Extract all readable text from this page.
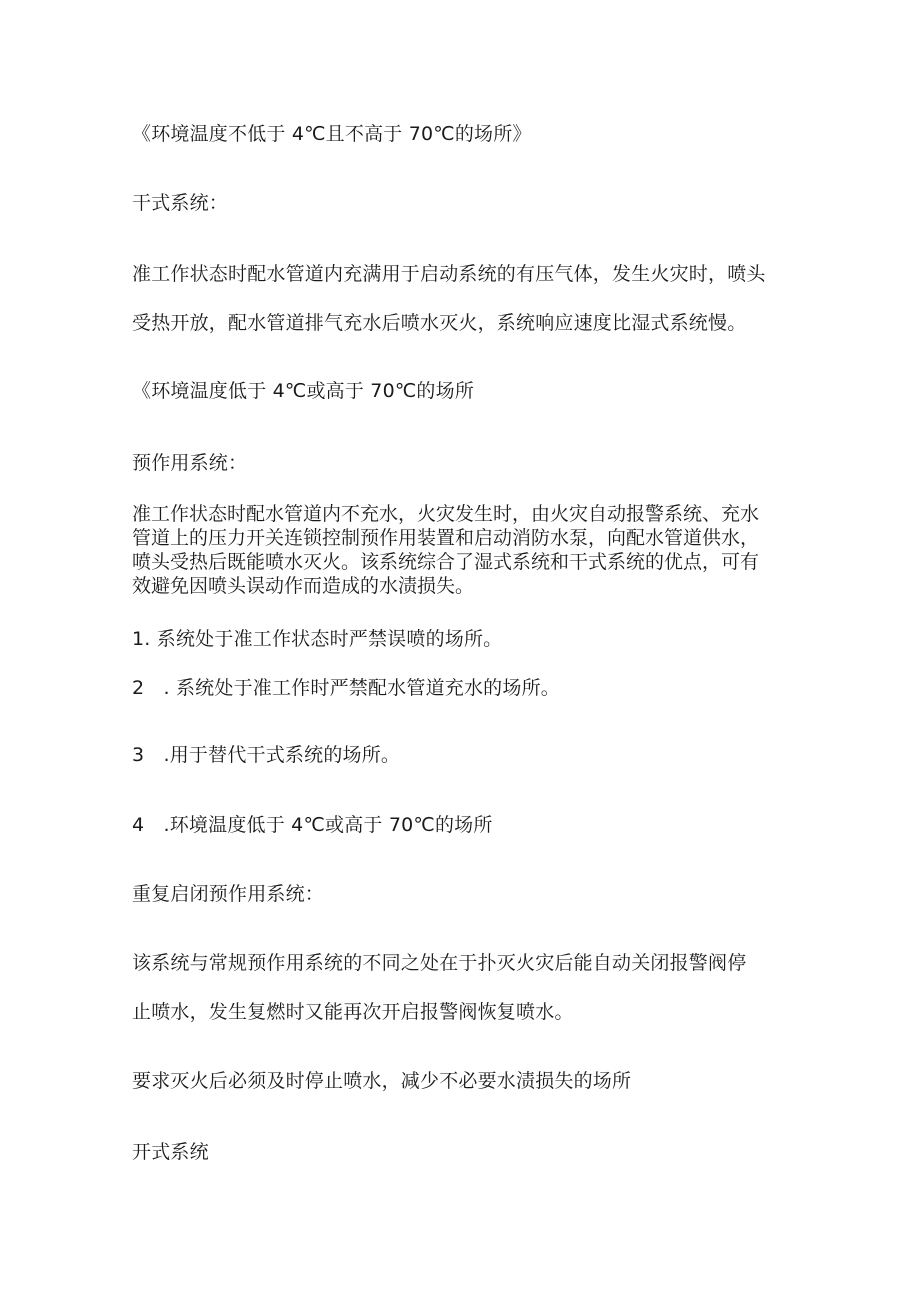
《环境温度不低于 4℃且不高于 70℃的场所》
干式系统：
准工作状态时配水管道内充满用于启动系统的有压气体，发生火灾时，喷头
受热开放，配水管道排气充水后喷水灭火，系统响应速度比湿式系统慢。
《环境温度低于 4℃或高于 70℃的场所
预作用系统：
准工作状态时配水管道内不充水，火灾发生时，由火灾自动报警系统、充水
管道上的压力开关连锁控制预作用装置和启动消防水泵，向配水管道供水，
喷头受热后既能喷水灭火。该系统综合了湿式系统和干式系统的优点，可有
效避免因喷头误动作而造成的水渍损失。
1. 系统处于准工作状态时严禁误喷的场所。
2　. 系统处于准工作时严禁配水管道充水的场所。
3　.用于替代干式系统的场所。
4　.环境温度低于 4℃或高于 70℃的场所
重复启闭预作用系统：
该系统与常规预作用系统的不同之处在于扑灭火灾后能自动关闭报警阀停
止喷水，发生复燃时又能再次开启报警阀恢复喷水。
要求灭火后必须及时停止喷水，减少不必要水渍损失的场所
开式系统
